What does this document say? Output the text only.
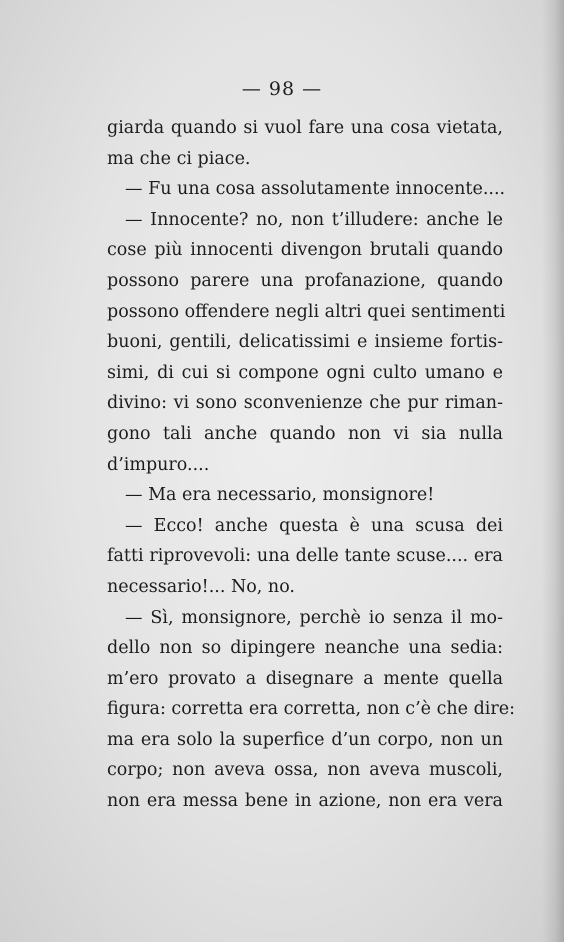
— 98 —
giarda quando si vuol fare una cosa vietata,
ma che ci piace.
— Fu una cosa assolutamente innocente....
— Innocente? no, non t’illudere: anche le
cose più innocenti divengon brutali quando
possono parere una profanazione, quando
possono offendere negli altri quei sentimenti
buoni, gentili, delicatissimi e insieme fortis-
simi, di cui si compone ogni culto umano e
divino: vi sono sconvenienze che pur riman-
gono tali anche quando non vi sia nulla
d’impuro....
— Ma era necessario, monsignore!
— Ecco! anche questa è una scusa dei
fatti riprovevoli: una delle tante scuse.... era
necessario!... No, no.
— Sì, monsignore, perchè io senza il mo-
dello non so dipingere neanche una sedia:
m’ero provato a disegnare a mente quella
figura: corretta era corretta, non c’è che dire:
ma era solo la superfice d’un corpo, non un
corpo; non aveva ossa, non aveva muscoli,
non era messa bene in azione, non era vera
